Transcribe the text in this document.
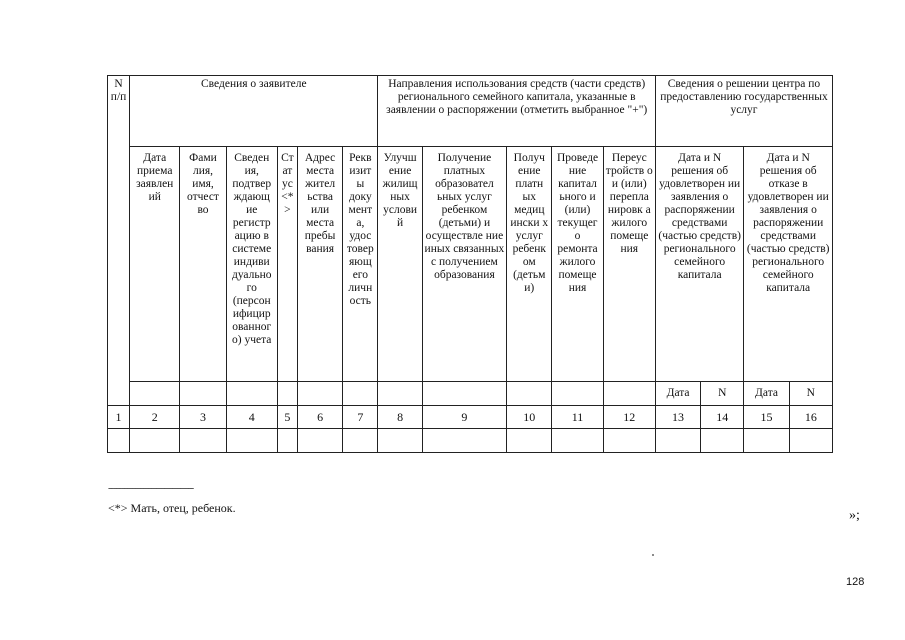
N п/п	Сведения о заявителе						Направления использования средств (части средств) регионального семейного капитала, указанные в заявлении о распоряжении (отметить выбранное "+")					Сведения о решении центра по предоставлению государственных услуг			
	Дата приема заявлен ий	Фами лия, имя, отчест во	Сведен ия, подтвер ждающ ие регистр ацию в системе индиви дуально го (персон ифицир ованног о) учета	Ст ат ус <* >	Адрес места жител ьства или места пребы вания	Рекв изит ы доку мент а, удос товер яющ его личн ость	Улучш ение жилищ ных услови й	Получение платных образовател ьных услуг ребенком (детьми) и осуществле ние иных связанных с получением образования	Получ ение платн ых медиц ински х услуг ребенк ом (детьм и)	Проведе ние капитал ьного и (или) текущег о ремонта жилого помеще ния	Переус тройств о и (или) перепла нировк а жилого помеще ния	Дата и N решения об удовлетворен ии заявления о распоряжении средствами (частью средств) регионального семейного капитала		Дата и N решения об отказе в удовлетворен ии заявления о распоряжении средствами (частью средств) регионального семейного капитала	
												Дата	N	Дата	N
1	2	3	4	5	6	7	8	9	10	11	12	13	14	15	16

--------------------------------
<*> Мать, отец, ребенок.	»;
128
